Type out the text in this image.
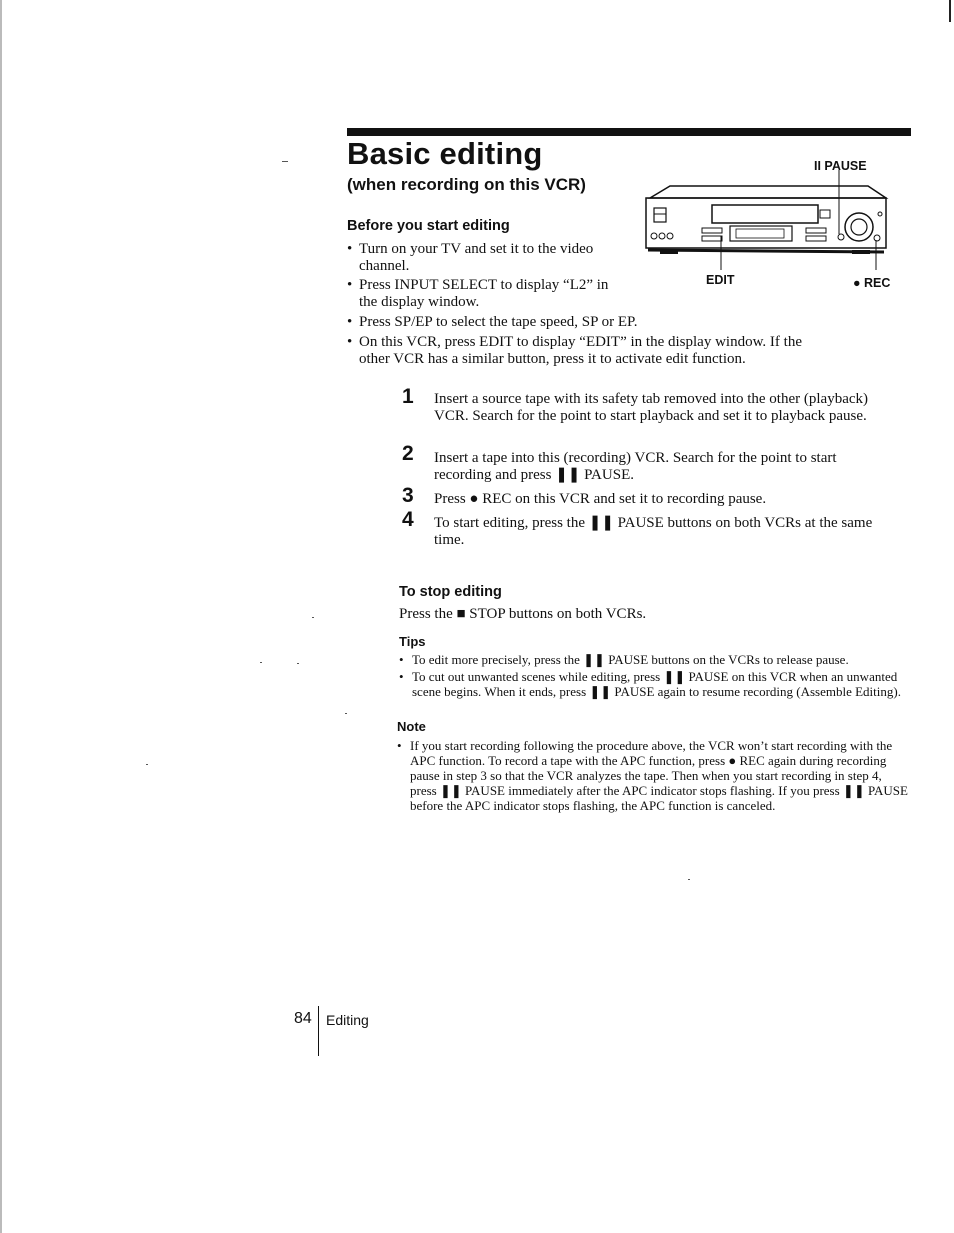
Basic editing
(when recording on this VCR)
Before you start editing
• Turn on your TV and set it to the video channel.
• Press INPUT SELECT to display “L2” in the display window.
• Press SP/EP to select the tape speed, SP or EP.
• On this VCR, press EDIT to display “EDIT” in the display window. If the other VCR has a similar button, press it to activate edit function.
II PAUSE
EDIT	● REC
1 Insert a source tape with its safety tab removed into the other (playback) VCR. Search for the point to start playback and set it to playback pause.
2 Insert a tape into this (recording) VCR. Search for the point to start recording and press ❚❚ PAUSE.
3 Press ● REC on this VCR and set it to recording pause.
4 To start editing, press the ❚❚ PAUSE buttons on both VCRs at the same time.
To stop editing
Press the ■ STOP buttons on both VCRs.
Tips
• To edit more precisely, press the ❚❚ PAUSE buttons on the VCRs to release pause.
• To cut out unwanted scenes while editing, press ❚❚ PAUSE on this VCR when an unwanted scene begins. When it ends, press ❚❚ PAUSE again to resume recording (Assemble Editing).
Note
• If you start recording following the procedure above, the VCR won’t start recording with the APC function. To record a tape with the APC function, press ● REC again during recording pause in step 3 so that the VCR analyzes the tape. Then when you start recording in step 4, press ❚❚ PAUSE immediately after the APC indicator stops flashing. If you press ❚❚ PAUSE before the APC indicator stops flashing, the APC function is canceled.
84 Editing
